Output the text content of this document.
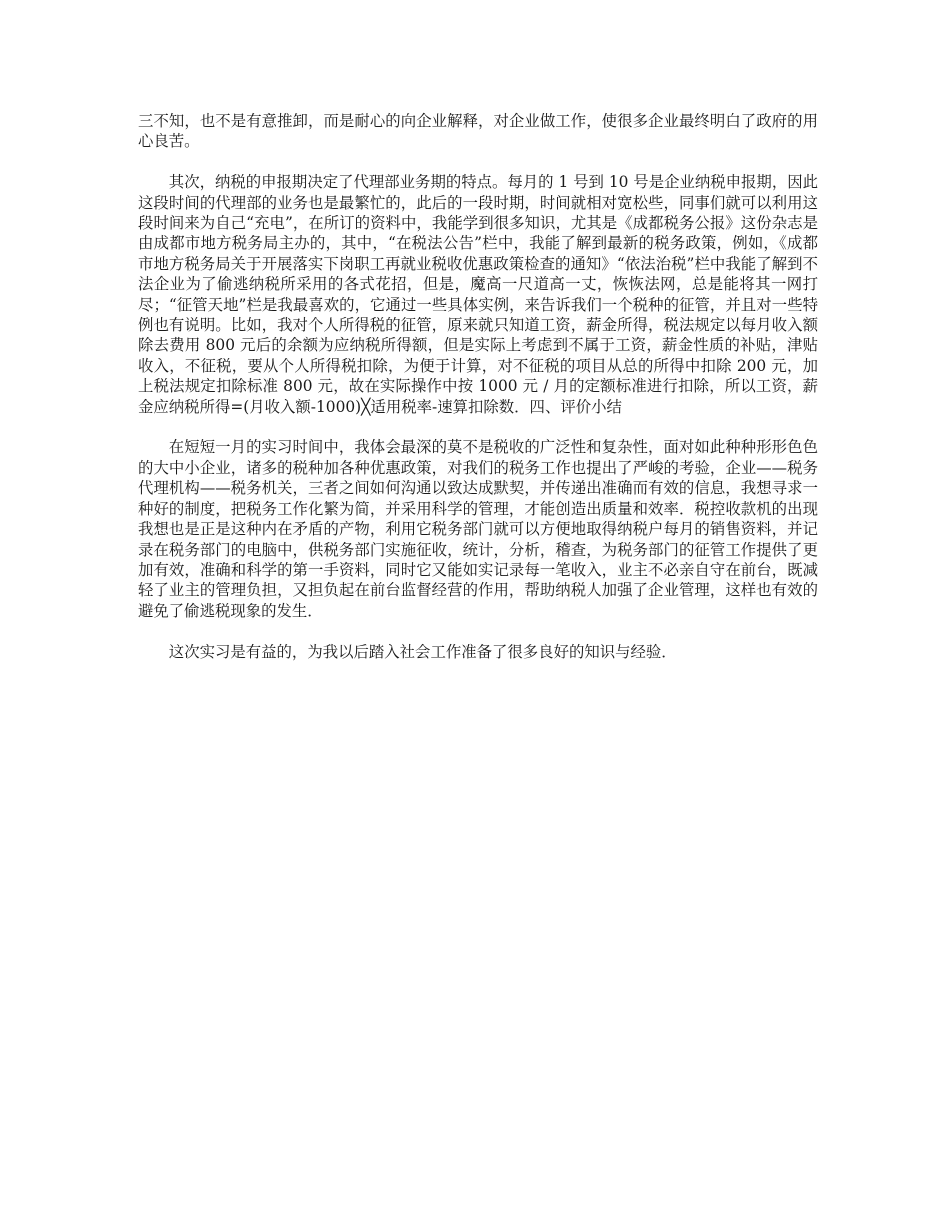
三不知，也不是有意推卸，而是耐心的向企业解释，对企业做工作，使很多企业最终明白了政府的用心良苦。

其次，纳税的申报期决定了代理部业务期的特点。每月的 1 号到 10 号是企业纳税申报期，因此这段时间的代理部的业务也是最繁忙的，此后的一段时期，时间就相对宽松些，同事们就可以利用这段时间来为自己“充电”，在所订的资料中，我能学到很多知识，尤其是《成都税务公报》这份杂志是由成都市地方税务局主办的，其中，“在税法公告”栏中，我能了解到最新的税务政策，例如，《成都市地方税务局关于开展落实下岗职工再就业税收优惠政策检查的通知》“依法治税”栏中我能了解到不法企业为了偷逃纳税所采用的各式花招，但是，魔高一尺道高一丈，恢恢法网，总是能将其一网打尽；“征管天地”栏是我最喜欢的，它通过一些具体实例，来告诉我们一个税种的征管，并且对一些特例也有说明。比如，我对个人所得税的征管，原来就只知道工资，薪金所得，税法规定以每月收入额除去费用 800 元后的余额为应纳税所得额，但是实际上考虑到不属于工资，薪金性质的补贴，津贴收入，不征税，要从个人所得税扣除，为便于计算，对不征税的项目从总的所得中扣除 200 元，加上税法规定扣除标准 800 元，故在实际操作中按 1000 元 / 月的定额标准进行扣除，所以工资，薪金应纳税所得=(月收入额-1000)╳适用税率-速算扣除数．四、评价小结

在短短一月的实习时间中，我体会最深的莫不是税收的广泛性和复杂性，面对如此种种形形色色的大中小企业，诸多的税种加各种优惠政策，对我们的税务工作也提出了严峻的考验，企业——税务代理机构——税务机关，三者之间如何沟通以致达成默契，并传递出准确而有效的信息，我想寻求一种好的制度，把税务工作化繁为简，并采用科学的管理，才能创造出质量和效率．税控收款机的出现我想也是正是这种内在矛盾的产物，利用它税务部门就可以方便地取得纳税户每月的销售资料，并记录在税务部门的电脑中，供税务部门实施征收，统计，分析，稽查，为税务部门的征管工作提供了更加有效，准确和科学的第一手资料，同时它又能如实记录每一笔收入，业主不必亲自守在前台，既减轻了业主的管理负担，又担负起在前台监督经营的作用，帮助纳税人加强了企业管理，这样也有效的避免了偷逃税现象的发生．

这次实习是有益的，为我以后踏入社会工作准备了很多良好的知识与经验．
